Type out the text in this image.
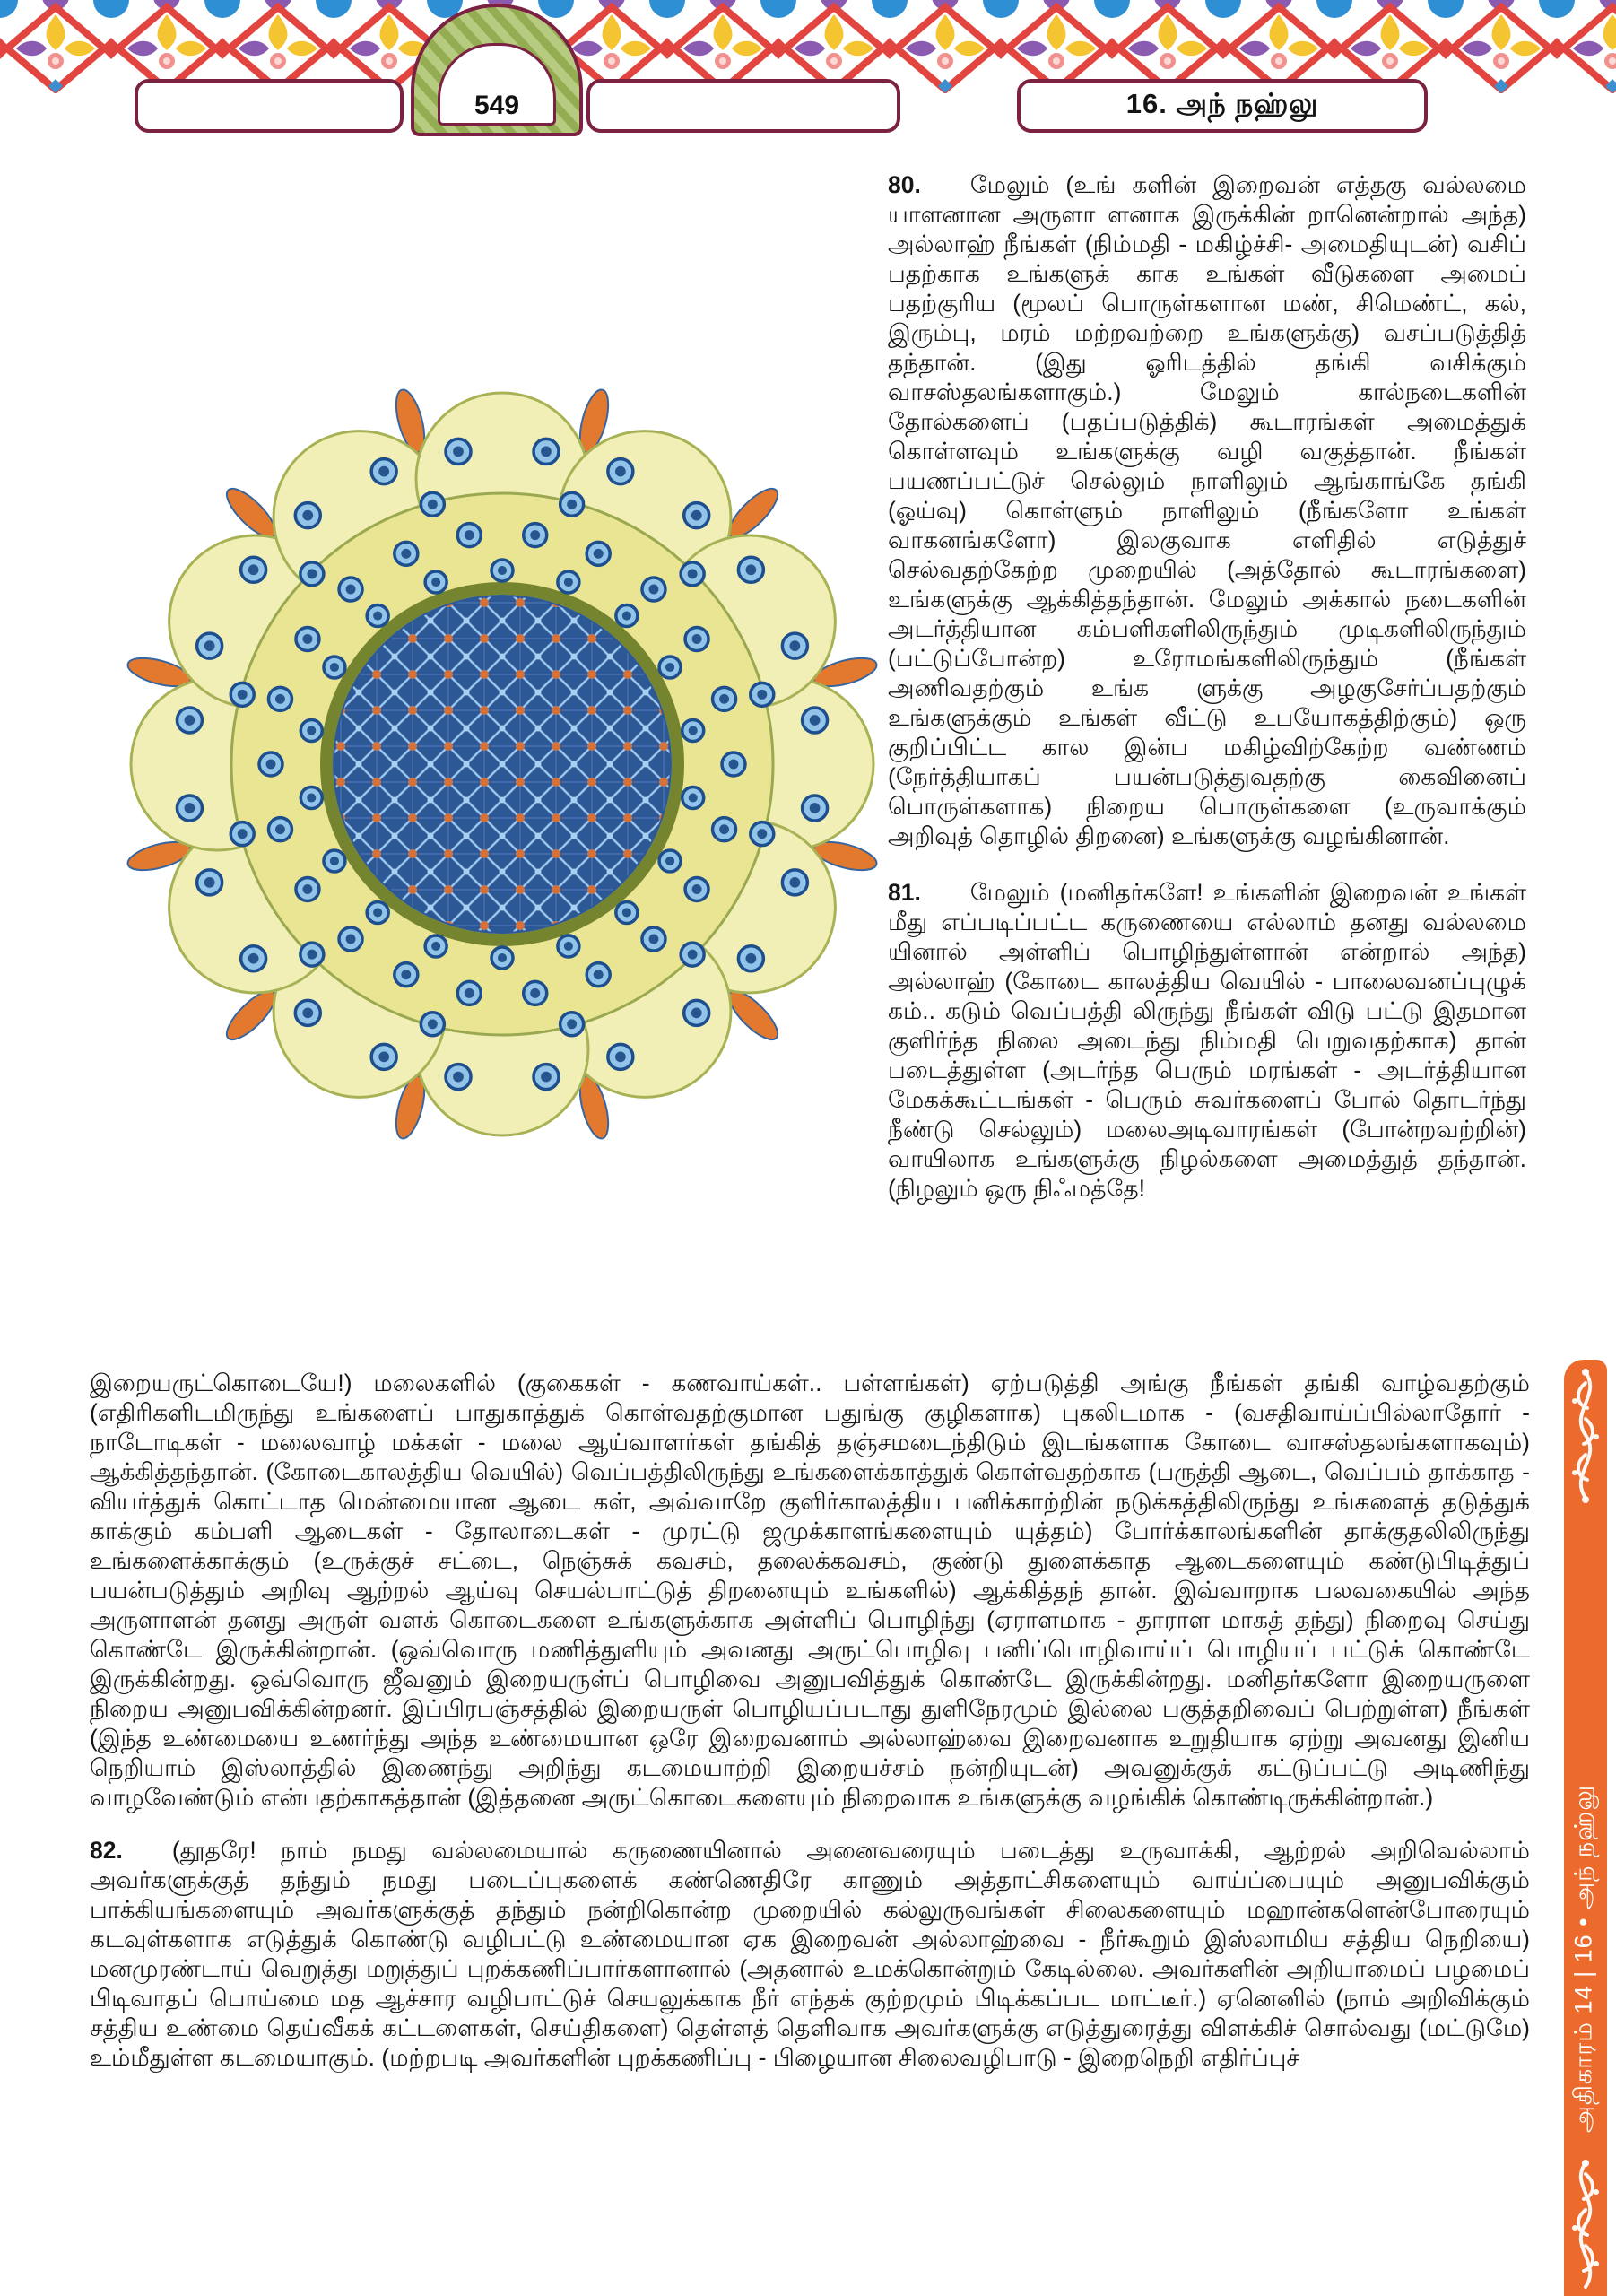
549	16. அந் நஹ்லு

80. மேலும் (உங் களின் இறைவன் எத்தகு வல்லமை யாளனான அருளா ளனாக இருக்கின் றானென்றால் அந்த) அல்லாஹ் நீங்கள் (நிம்மதி - மகிழ்ச்சி- அமைதியுடன்) வசிப் பதற்காக உங்களுக் காக உங்கள் வீடுகளை அமைப் பதற்குரிய (மூலப் பொருள்களான மண், சிமெண்ட், கல், இரும்பு, மரம் மற்றவற்றை உங்களுக்கு) வசப்படுத்தித் தந்தான். (இது ஓரிடத்தில் தங்கி வசிக்கும் வாசஸ்தலங்களாகும்.) மேலும் கால்நடைகளின் தோல்களைப் (பதப்படுத்திக்) கூடாரங்கள் அமைத்துக் கொள்ளவும் உங்களுக்கு வழி வகுத்தான். நீங்கள் பயணப்பட்டுச் செல்லும் நாளிலும் ஆங்காங்கே தங்கி (ஓய்வு) கொள்ளும் நாளிலும் (நீங்களோ உங்கள் வாகனங்களோ) இலகுவாக எளிதில் எடுத்துச் செல்வதற்கேற்ற முறையில் (அத்தோல் கூடாரங்களை) உங்களுக்கு ஆக்கித்தந்தான். மேலும் அக்கால் நடைகளின் அடர்த்தியான கம்பளிகளிலிருந்தும் முடிகளிலிருந்தும் (பட்டுப்போன்ற) உரோமங்களிலிருந்தும் (நீங்கள் அணிவதற்கும் உங்க ளுக்கு அழகுசேர்ப்பதற்கும் உங்களுக்கும் உங்கள் வீட்டு உபயோகத்திற்கும்) ஒரு குறிப்பிட்ட கால இன்ப மகிழ்விற்கேற்ற வண்ணம் (நேர்த்தியாகப் பயன்படுத்துவதற்கு கைவினைப் பொருள்களாக) நிறைய பொருள்களை (உருவாக்கும் அறிவுத் தொழில் திறனை) உங்களுக்கு வழங்கினான்.

81. மேலும் (மனிதர்களே! உங்களின் இறைவன் உங்கள் மீது எப்படிப்பட்ட கருணையை எல்லாம் தனது வல்லமை யினால் அள்ளிப் பொழிந்துள்ளான் என்றால் அந்த) அல்லாஹ் (கோடை காலத்திய வெயில் - பாலைவனப்புழுக் கம்.. கடும் வெப்பத்தி லிருந்து நீங்கள் விடு பட்டு இதமான குளிர்ந்த நிலை அடைந்து நிம்மதி பெறுவதற்காக) தான் படைத்துள்ள (அடர்ந்த பெரும் மரங்கள் - அடர்த்தியான மேகக்கூட்டங்கள் - பெரும் சுவர்களைப் போல் தொடர்ந்து நீண்டு செல்லும்) மலைஅடிவாரங்கள் (போன்றவற்றின்) வாயிலாக உங்களுக்கு நிழல்களை அமைத்துத் தந்தான். (நிழலும் ஒரு நிஃமத்தே!

இறையருட்கொடையே!) மலைகளில் (குகைகள் - கணவாய்கள்.. பள்ளங்கள்) ஏற்படுத்தி அங்கு நீங்கள் தங்கி வாழ்வதற்கும் (எதிரிகளிடமிருந்து உங்களைப் பாதுகாத்துக் கொள்வதற்குமான பதுங்கு குழிகளாக) புகலிடமாக - (வசதிவாய்ப்பில்லாதோர் - நாடோடிகள் - மலைவாழ் மக்கள் - மலை ஆய்வாளர்கள் தங்கித் தஞ்சமடைந்திடும் இடங்களாக கோடை வாசஸ்தலங்களாகவும்) ஆக்கித்தந்தான். (கோடைகாலத்திய வெயில்) வெப்பத்திலிருந்து உங்களைக்காத்துக் கொள்வதற்காக (பருத்தி ஆடை, வெப்பம் தாக்காத - வியர்த்துக் கொட்டாத மென்மையான ஆடை கள், அவ்வாறே குளிர்காலத்திய பனிக்காற்றின் நடுக்கத்திலிருந்து உங்களைத் தடுத்துக் காக்கும் கம்பளி ஆடைகள் - தோலாடைகள் - முரட்டு ஜமுக்காளங்களையும் யுத்தம்) போர்க்காலங்களின் தாக்குதலிலிருந்து உங்களைக்காக்கும் (உருக்குச் சட்டை, நெஞ்சுக் கவசம், தலைக்கவசம், குண்டு துளைக்காத ஆடைகளையும் கண்டுபிடித்துப் பயன்படுத்தும் அறிவு ஆற்றல் ஆய்வு செயல்பாட்டுத் திறனையும் உங்களில்) ஆக்கித்தந் தான். இவ்வாறாக பலவகையில் அந்த அருளாளன் தனது அருள் வளக் கொடைகளை உங்களுக்காக அள்ளிப் பொழிந்து (ஏராளமாக - தாராள மாகத் தந்து) நிறைவு செய்து கொண்டே இருக்கின்றான். (ஒவ்வொரு மணித்துளியும் அவனது அருட்பொழிவு பனிப்பொழிவாய்ப் பொழியப் பட்டுக் கொண்டே இருக்கின்றது. ஒவ்வொரு ஜீவனும் இறையருள்ப் பொழிவை அனுபவித்துக் கொண்டே இருக்கின்றது. மனிதர்களோ இறையருளை நிறைய அனுபவிக்கின்றனர். இப்பிரபஞ்சத்தில் இறையருள் பொழியப்படாது துளிநேரமும் இல்லை பகுத்தறிவைப் பெற்றுள்ள) நீங்கள் (இந்த உண்மையை உணர்ந்து அந்த உண்மையான ஒரே இறைவனாம் அல்லாஹ்வை இறைவனாக உறுதியாக ஏற்று அவனது இனிய நெறியாம் இஸ்லாத்தில் இணைந்து அறிந்து கடமையாற்றி இறையச்சம் நன்றியுடன்) அவனுக்குக் கட்டுப்பட்டு அடிணிந்து வாழவேண்டும் என்பதற்காகத்தான் (இத்தனை அருட்கொடைகளையும் நிறைவாக உங்களுக்கு வழங்கிக் கொண்டிருக்கின்றான்.)

82. (தூதரே! நாம் நமது வல்லமையால் கருணையினால் அனைவரையும் படைத்து உருவாக்கி, ஆற்றல் அறிவெல்லாம் அவர்களுக்குத் தந்தும் நமது படைப்புகளைக் கண்ணெதிரே காணும் அத்தாட்சிகளையும் வாய்ப்பையும் அனுபவிக்கும் பாக்கியங்களையும் அவர்களுக்குத் தந்தும் நன்றிகொன்ற முறையில் கல்லுருவங்கள் சிலைகளையும் மஹான்களென்போரையும் கடவுள்களாக எடுத்துக் கொண்டு வழிபட்டு உண்மையான ஏக இறைவன் அல்லாஹ்வை - நீர்கூறும் இஸ்லாமிய சத்திய நெறியை) மனமுரண்டாய் வெறுத்து மறுத்துப் புறக்கணிப்பார்களானால் (அதனால் உமக்கொன்றும் கேடில்லை. அவர்களின் அறியாமைப் பழமைப் பிடிவாதப் பொய்மை மத ஆச்சார வழிபாட்டுச் செயலுக்காக நீர் எந்தக் குற்றமும் பிடிக்கப்பட மாட்டீர்.) ஏனெனில் (நாம் அறிவிக்கும் சத்திய உண்மை தெய்வீகக் கட்டளைகள், செய்திகளை) தெள்ளத் தெளிவாக அவர்களுக்கு எடுத்துரைத்து விளக்கிச் சொல்வது (மட்டுமே) உம்மீதுள்ள கடமையாகும். (மற்றபடி அவர்களின் புறக்கணிப்பு - பிழையான சிலைவழிபாடு - இறைநெறி எதிர்ப்புச்	அதிகாரம் 14 | 16 • அந் நஹ்லு
